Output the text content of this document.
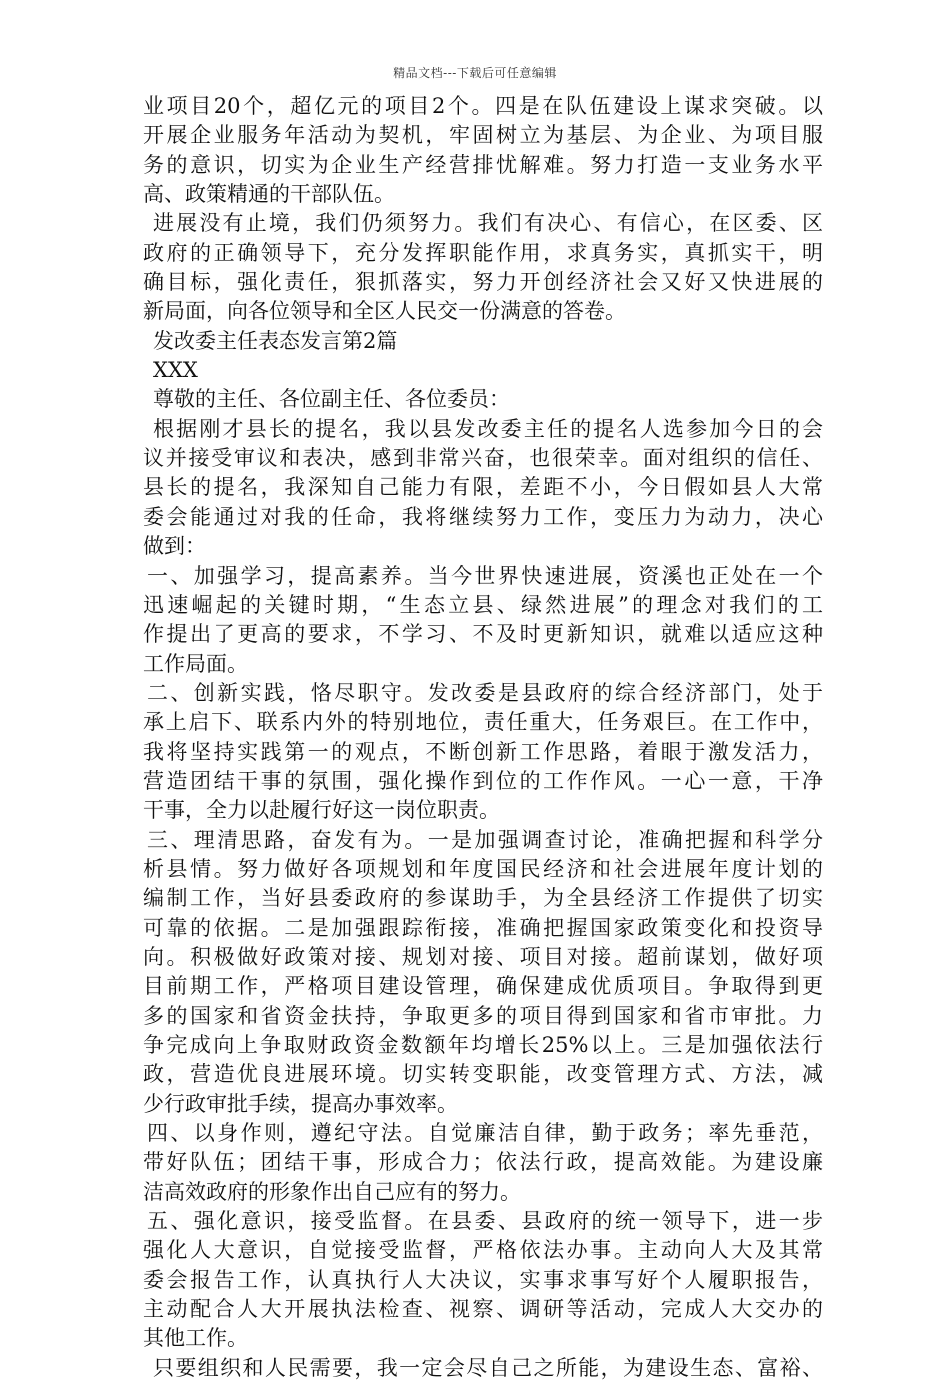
精品文档---下载后可任意编辑
业项目20个，超亿元的项目2个。四是在队伍建设上谋求突破。以
开展企业服务年活动为契机，牢固树立为基层、为企业、为项目服
务的意识，切实为企业生产经营排忧解难。努力打造一支业务水平
高、政策精通的干部队伍。
进展没有止境，我们仍须努力。我们有决心、有信心，在区委、区
政府的正确领导下，充分发挥职能作用，求真务实，真抓实干，明
确目标，强化责任，狠抓落实，努力开创经济社会又好又快进展的
新局面，向各位领导和全区人民交一份满意的答卷。
发改委主任表态发言第2篇
XXX
尊敬的主任、各位副主任、各位委员：
根据刚才县长的提名，我以县发改委主任的提名人选参加今日的会
议并接受审议和表决，感到非常兴奋，也很荣幸。面对组织的信任、
县长的提名，我深知自己能力有限，差距不小，今日假如县人大常
委会能通过对我的任命，我将继续努力工作，变压力为动力，决心
做到：
一、加强学习，提高素养。当今世界快速进展，资溪也正处在一个
迅速崛起的关键时期，“生态立县、绿然进展”的理念对我们的工
作提出了更高的要求，不学习、不及时更新知识，就难以适应这种
工作局面。
二、创新实践，恪尽职守。发改委是县政府的综合经济部门，处于
承上启下、联系内外的特别地位，责任重大，任务艰巨。在工作中，
我将坚持实践第一的观点，不断创新工作思路，着眼于激发活力，
营造团结干事的氛围，强化操作到位的工作作风。一心一意，干净
干事，全力以赴履行好这一岗位职责。
三、理清思路，奋发有为。一是加强调查讨论，准确把握和科学分
析县情。努力做好各项规划和年度国民经济和社会进展年度计划的
编制工作，当好县委政府的参谋助手，为全县经济工作提供了切实
可靠的依据。二是加强跟踪衔接，准确把握国家政策变化和投资导
向。积极做好政策对接、规划对接、项目对接。超前谋划，做好项
目前期工作，严格项目建设管理，确保建成优质项目。争取得到更
多的国家和省资金扶持，争取更多的项目得到国家和省市审批。力
争完成向上争取财政资金数额年均增长25%以上。三是加强依法行
政，营造优良进展环境。切实转变职能，改变管理方式、方法，减
少行政审批手续，提高办事效率。
四、以身作则，遵纪守法。自觉廉洁自律，勤于政务；率先垂范，
带好队伍；团结干事，形成合力；依法行政，提高效能。为建设廉
洁高效政府的形象作出自己应有的努力。
五、强化意识，接受监督。在县委、县政府的统一领导下，进一步
强化人大意识，自觉接受监督，严格依法办事。主动向人大及其常
委会报告工作，认真执行人大决议，实事求事写好个人履职报告，
主动配合人大开展执法检查、视察、调研等活动，完成人大交办的
其他工作。
只要组织和人民需要，我一定会尽自己之所能，为建设生态、富裕、
